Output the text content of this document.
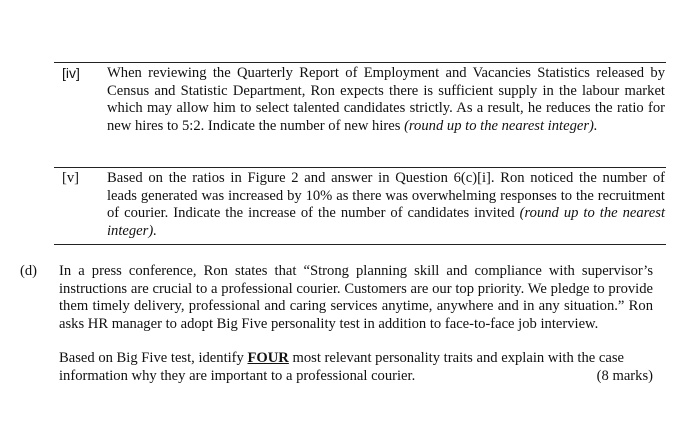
[iv] When reviewing the Quarterly Report of Employment and Vacancies Statistics released by Census and Statistic Department, Ron expects there is sufficient supply in the labour market which may allow him to select talented candidates strictly. As a result, he reduces the ratio for new hires to 5:2. Indicate the number of new hires (round up to the nearest integer).
[v] Based on the ratios in Figure 2 and answer in Question 6(c)[i]. Ron noticed the number of leads generated was increased by 10% as there was overwhelming responses to the recruitment of courier. Indicate the increase of the number of candidates invited (round up to the nearest integer).
(d) In a press conference, Ron states that “Strong planning skill and compliance with supervisor’s instructions are crucial to a professional courier. Customers are our top priority. We pledge to provide them timely delivery, professional and caring services anytime, anywhere and in any situation.” Ron asks HR manager to adopt Big Five personality test in addition to face-to-face job interview.

Based on Big Five test, identify FOUR most relevant personality traits and explain with the case information why they are important to a professional courier.	(8 marks)
